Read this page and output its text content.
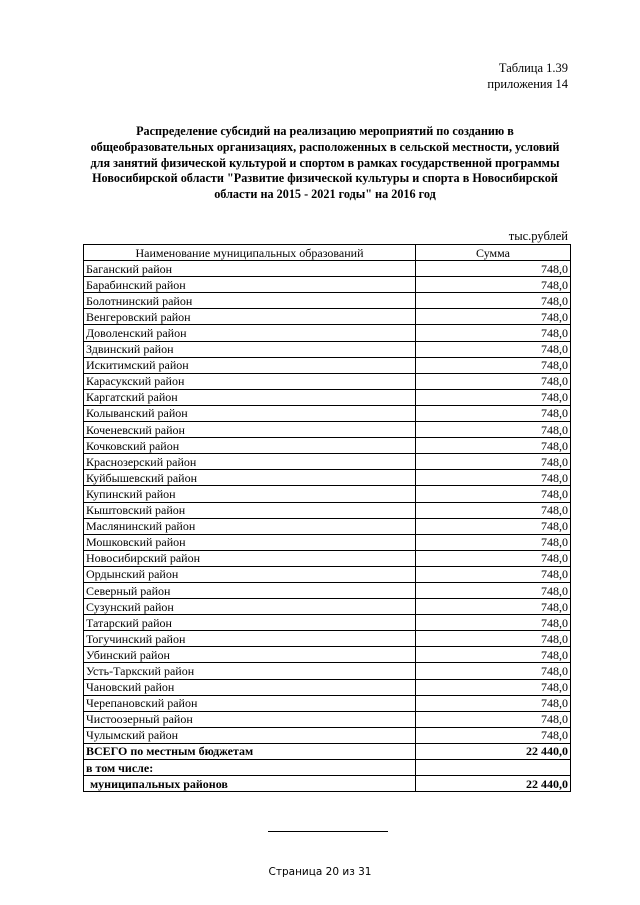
Таблица 1.39
приложения 14
Распределение субсидий на реализацию мероприятий по созданию в общеобразовательных организациях, расположенных в сельской местности, условий для занятий физической культурой и спортом в рамках государственной программы Новосибирской области "Развитие физической культуры и спорта в Новосибирской области на 2015 - 2021 годы" на 2016 год
тыс.рублей
Наименование муниципальных образований	Сумма
Баганский район	748,0
Барабинский район	748,0
Болотнинский район	748,0
Венгеровский район	748,0
Доволенский район	748,0
Здвинский район	748,0
Искитимский район	748,0
Карасукский район	748,0
Каргатский район	748,0
Колыванский район	748,0
Коченевский район	748,0
Кочковский район	748,0
Краснозерский район	748,0
Куйбышевский район	748,0
Купинский район	748,0
Кыштовский район	748,0
Маслянинский район	748,0
Мошковский район	748,0
Новосибирский район	748,0
Ордынский район	748,0
Северный район	748,0
Сузунский район	748,0
Татарский район	748,0
Тогучинский район	748,0
Убинский район	748,0
Усть-Таркский район	748,0
Чановский район	748,0
Черепановский район	748,0
Чистоозерный район	748,0
Чулымский район	748,0
ВСЕГО по местным бюджетам	22 440,0
в том числе:	
муниципальных районов	22 440,0
Страница 20 из 31
